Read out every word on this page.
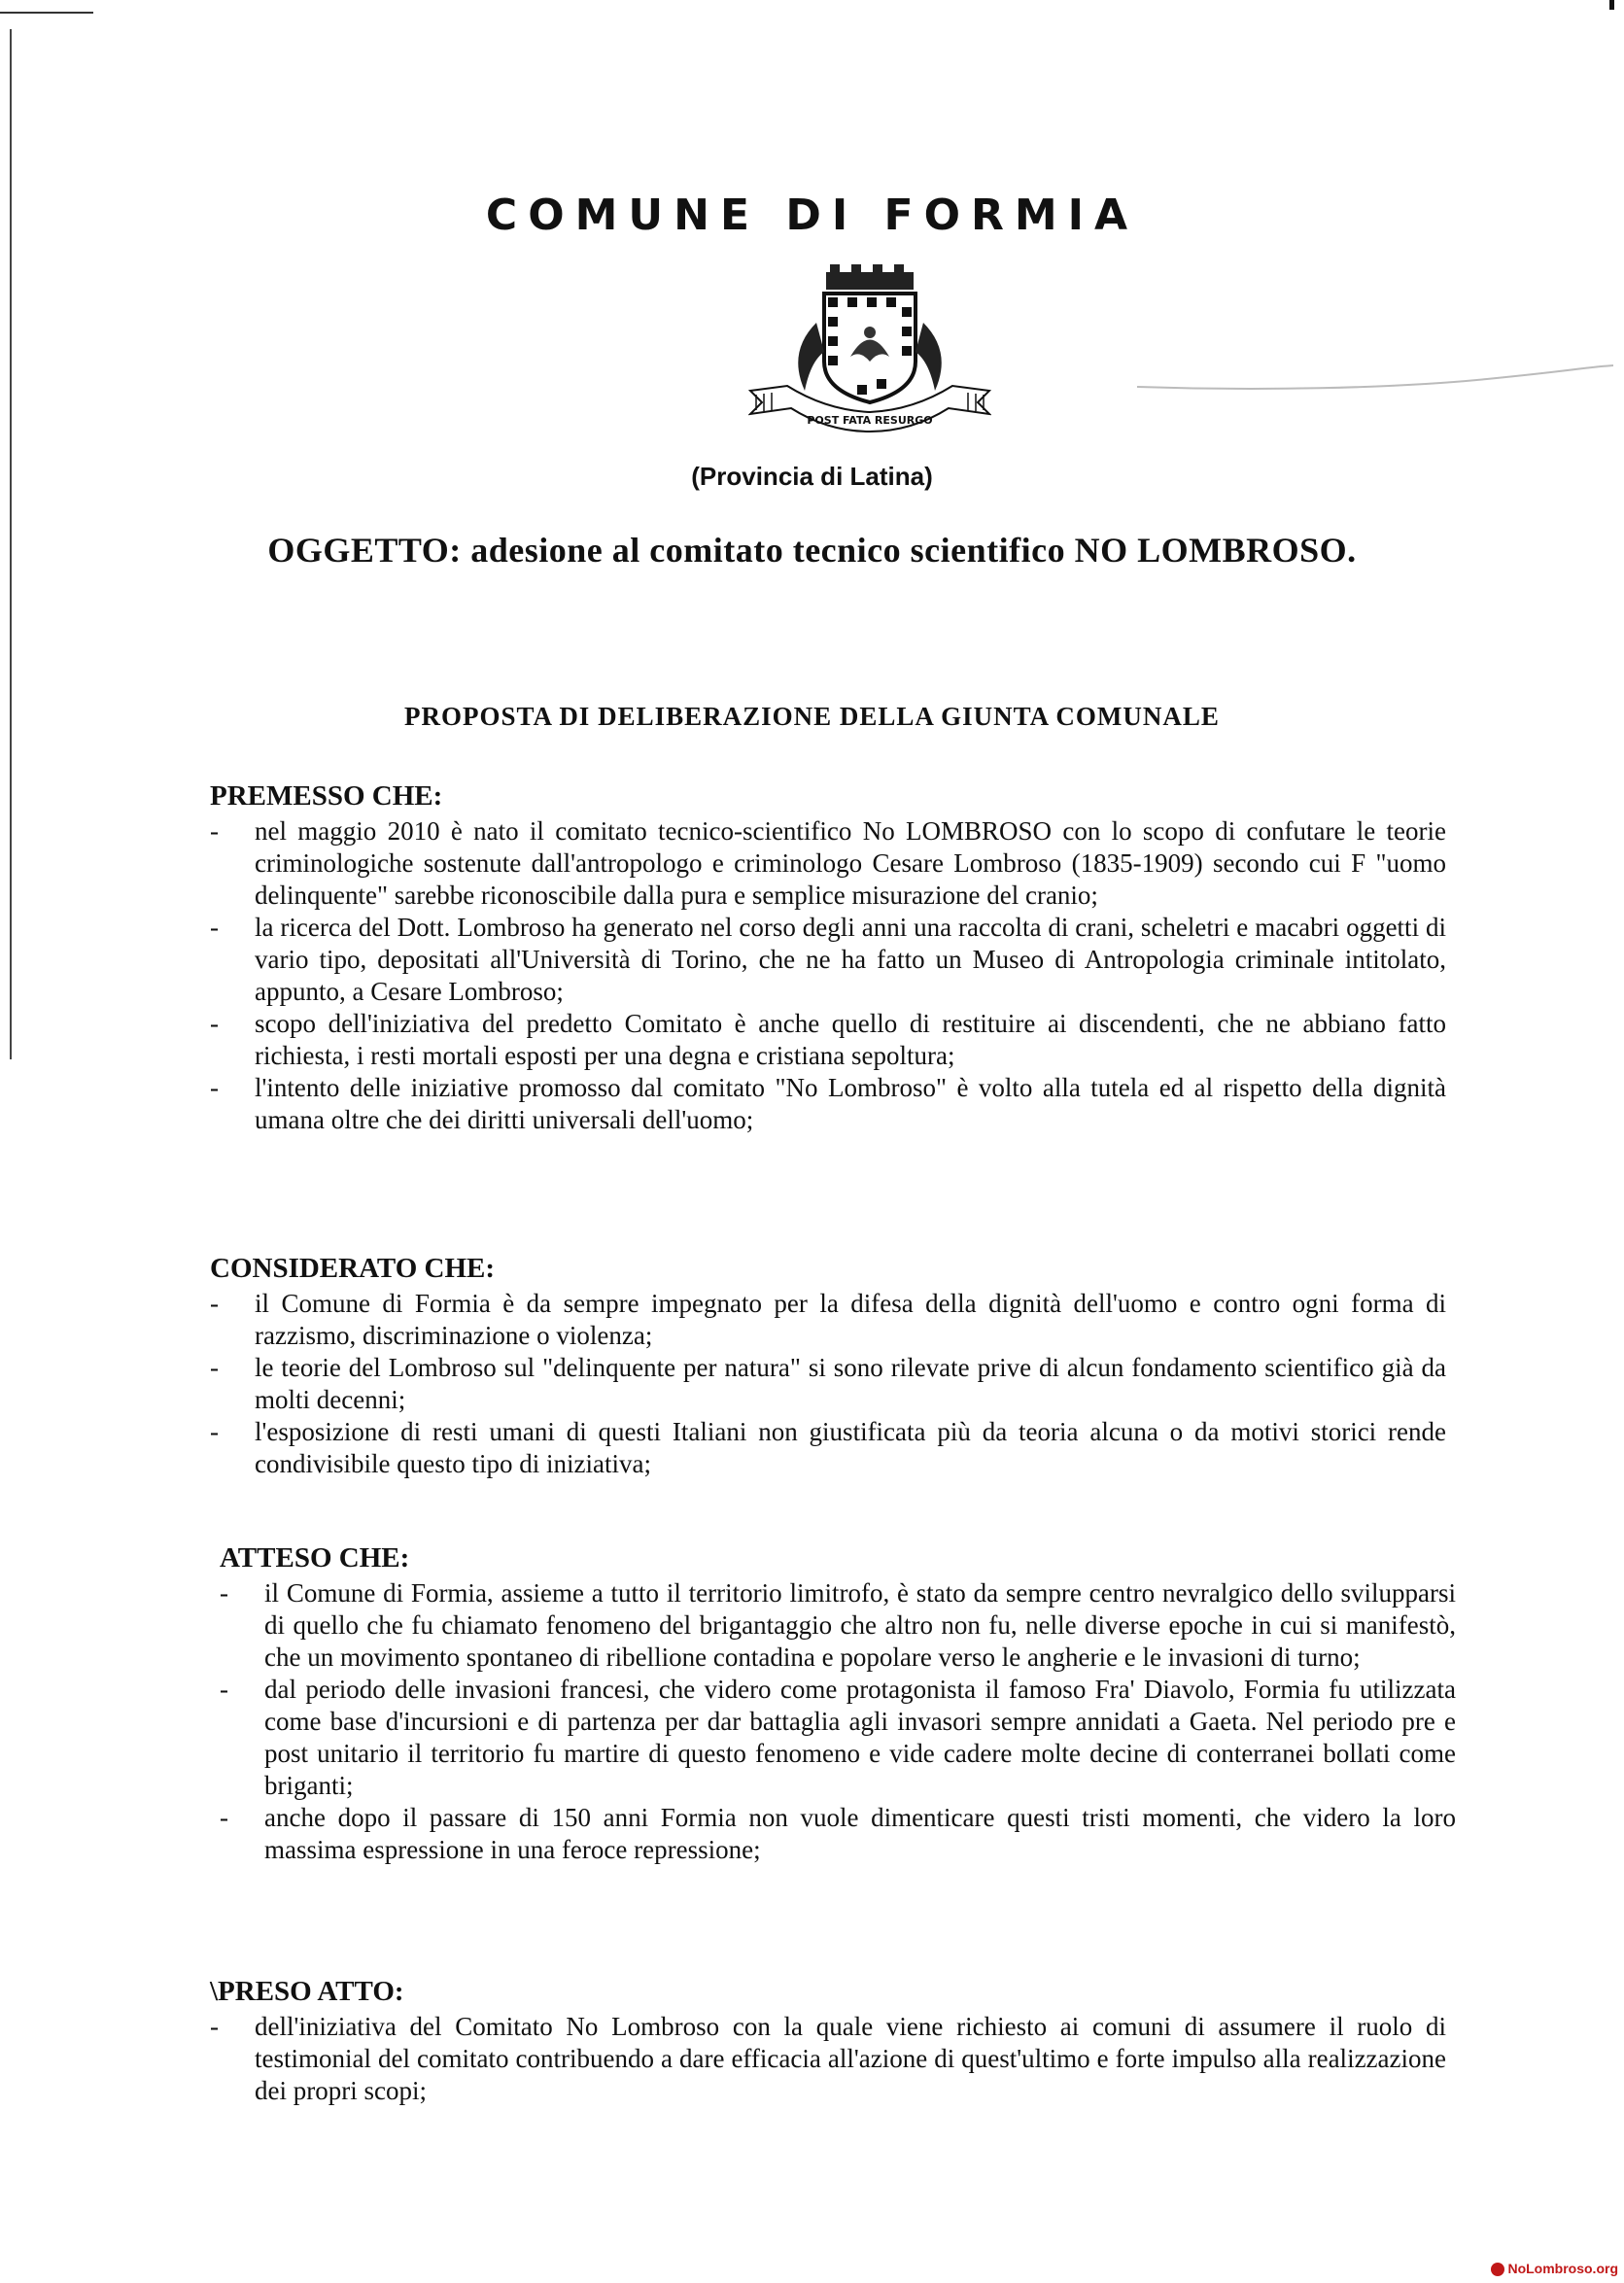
COMUNE DI FORMIA
POST FATA RESURGO

(Provincia di Latina)

OGGETTO: adesione al comitato tecnico scientifico NO LOMBROSO.

PROPOSTA DI DELIBERAZIONE DELLA GIUNTA COMUNALE

PREMESSO CHE:

- nel maggio 2010 è nato il comitato tecnico-scientifico No LOMBROSO con lo scopo di confutare le teorie criminologiche sostenute dall'antropologo e criminologo Cesare Lombroso (1835-1909) secondo cui F "uomo delinquente" sarebbe riconoscibile dalla pura e semplice misurazione del cranio;
- la ricerca del Dott. Lombroso ha generato nel corso degli anni una raccolta di crani, scheletri e macabri oggetti di vario tipo, depositati all'Università di Torino, che ne ha fatto un Museo di Antropologia criminale intitolato, appunto, a Cesare Lombroso;
- scopo dell'iniziativa del predetto Comitato è anche quello di restituire ai discendenti, che ne abbiano fatto richiesta, i resti mortali esposti per una degna e cristiana sepoltura;
- l'intento delle iniziative promosso dal comitato "No Lombroso" è volto alla tutela ed al rispetto della dignità umana oltre che dei diritti universali dell'uomo;

CONSIDERATO CHE:

- il Comune di Formia è da sempre impegnato per la difesa della dignità dell'uomo e contro ogni forma di razzismo, discriminazione o violenza;
- le teorie del Lombroso sul "delinquente per natura" si sono rilevate prive di alcun fondamento scientifico già da molti decenni;
- l'esposizione di resti umani di questi Italiani non giustificata più da teoria alcuna o da motivi storici rende condivisibile questo tipo di iniziativa;

ATTESO CHE:

- il Comune di Formia, assieme a tutto il territorio limitrofo, è stato da sempre centro nevralgico dello svilupparsi di quello che fu chiamato fenomeno del brigantaggio che altro non fu, nelle diverse epoche in cui si manifestò, che un movimento spontaneo di ribellione contadina e popolare verso le angherie e le invasioni di turno;
- dal periodo delle invasioni francesi, che videro come protagonista il famoso Fra' Diavolo, Formia fu utilizzata come base d'incursioni e di partenza per dar battaglia agli invasori sempre annidati a Gaeta. Nel periodo pre e post unitario il territorio fu martire di questo fenomeno e vide cadere molte decine di conterranei bollati come briganti;
- anche dopo il passare di 150 anni Formia non vuole dimenticare questi tristi momenti, che videro la loro massima espressione in una feroce repressione;

\PRESO ATTO:

- dell'iniziativa del Comitato No Lombroso con la quale viene richiesto ai comuni di assumere il ruolo di testimonial del comitato contribuendo a dare efficacia all'azione di quest'ultimo e forte impulso alla realizzazione dei propri scopi;
NoLombroso.org
